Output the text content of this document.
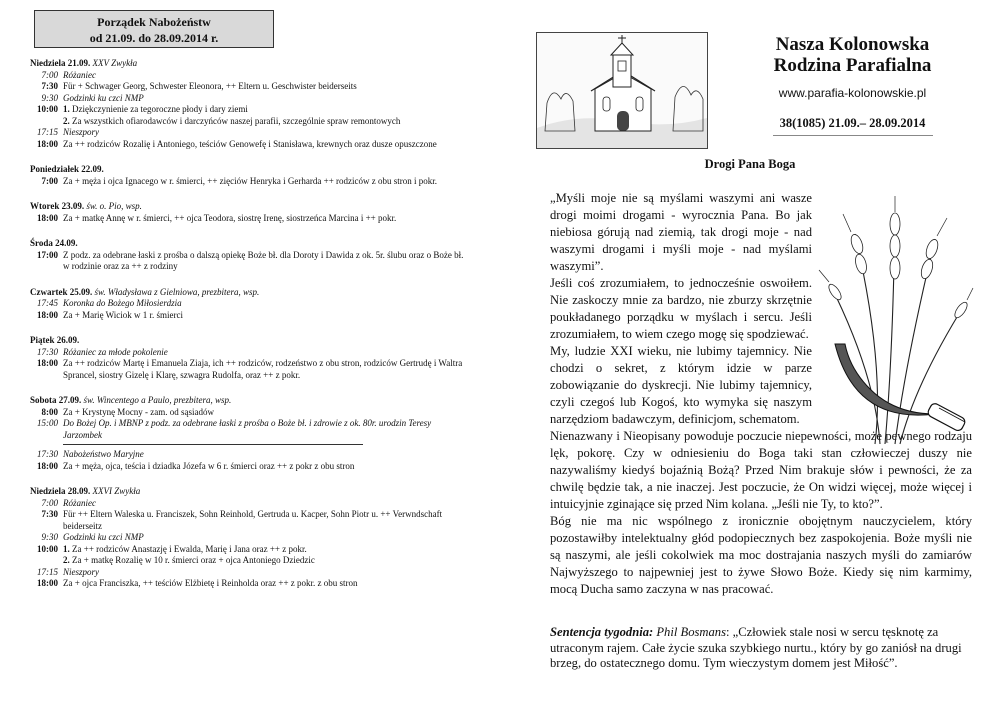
Porządek Nabożeństw
od 21.09. do 28.09.2014 r.
Niedziela 21.09. XXV Zwykła
7:00 Różaniec
7:30 Für + Schwager Georg, Schwester Eleonora, ++ Eltern u. Geschwister beiderseits
9:30 Godzinki ku czci NMP
10:00 1. Dziękczynienie za tegoroczne płody i dary ziemi
2. Za wszystkich ofiarodawców i darczyńców naszej parafii, szczególnie spraw remontowych
17:15 Nieszpory
18:00 Za ++ rodziców Rozalię i Antoniego, teściów Genowefę i Stanisława, krewnych oraz dusze opuszczone
Poniedziałek 22.09.
7:00 Za + męża i ojca Ignacego w r. śmierci, ++ zięciów Henryka i Gerharda ++ rodziców z obu stron i pokr.
Wtorek 23.09. św. o. Pio, wsp.
18:00 Za + matkę Annę w r. śmierci, ++ ojca Teodora, siostrę Irenę, siostrzeńca Marcina i ++ pokr.
Środa 24.09.
17:00 Z podz. za odebrane łaski z prośba o dalszą opiekę Boże bł. dla Doroty i Dawida z ok. 5r. ślubu oraz o Boże bł. w rodzinie oraz za ++ z rodziny
Czwartek 25.09. św. Władysława z Gielniowa, prezbitera, wsp.
17:45 Koronka do Bożego Miłosierdzia
18:00 Za + Marię Wiciok w 1 r. śmierci
Piątek 26.09.
17:30 Różaniec za młode pokolenie
18:00 Za ++ rodziców Martę i Emanuela Ziaja, ich ++ rodziców, rodzeństwo z obu stron, rodziców Gertrudę i Waltra Sprancel, siostry Gizelę i Klarę, szwagra Rudolfa, oraz ++ z pokr.
Sobota 27.09. św. Wincentego a Paulo, prezbitera, wsp.
8:00 Za + Krystynę Mocny - zam. od sąsiadów
15:00 Do Bożej Op. i MBNP z podz. za odebrane łaski z prośba o Boże bł. i zdrowie z ok. 80r. urodzin Teresy Jarzombek
17:30 Nabożeństwo Maryjne
18:00 Za + męża, ojca, teścia i dziadka Józefa w 6 r. śmierci oraz ++ z pokr z obu stron
Niedziela 28.09. XXVI Zwykła
7:00 Różaniec
7:30 Für ++ Eltern Waleska u. Franciszek, Sohn Reinhold, Gertruda u. Kacper, Sohn Piotr u. ++ Verwndschaft beiderseitz
9:30 Godzinki ku czci NMP
10:00 1. Za ++ rodziców Anastazję i Ewalda, Marię i Jana oraz ++ z pokr.
2. Za + matkę Rozalię w 10 r. śmierci oraz + ojca Antoniego Dziedzic
17:15 Nieszpory
18:00 Za + ojca Franciszka, ++ teściów Elżbietę i Reinholda oraz ++ z pokr. z obu stron
Nasza Kolonowska
Rodzina Parafialna
www.parafia-kolonowskie.pl
38(1085) 21.09.– 28.09.2014
Drogi Pana Boga

„Myśli moje nie są myślami waszymi ani wasze drogi moimi drogami - wyrocznia Pana. Bo jak niebiosa górują nad ziemią, tak drogi moje - nad waszymi drogami i myśli moje - nad myślami waszymi”.

Jeśli coś zrozumiałem, to jednocześnie oswoiłem. Nie zaskoczy mnie za bardzo, nie zburzy skrzętnie poukładanego porządku w myślach i sercu. Jeśli zrozumiałem, to wiem czego mogę się spodziewać.

My, ludzie XXI wieku, nie lubimy tajemnicy. Nie chodzi o sekret, z którym idzie w parze zobowiązanie do dyskrecji. Nie lubimy tajemnicy, czyli czegoś lub Kogoś, kto wymyka się naszym narzędziom badawczym, definicjom, schematom.

Nienazwany i Nieopisany powoduje poczucie niepewności, może pewnego rodzaju lęk, pokorę. Czy w odniesieniu do Boga taki stan człowieczej duszy nie nazywaliśmy kiedyś bojaźnią Bożą? Przed Nim brakuje słów i pewności, że za chwilę będzie tak, a nie inaczej. Jest poczucie, że On widzi więcej, może więcej i intuicyjnie zginające się przed Nim kolana. „Jeśli nie Ty, to kto?”.

Bóg nie ma nic wspólnego z ironicznie obojętnym nauczycielem, który pozostawiłby intelektualny głód podopiecznych bez zaspokojenia. Boże myśli nie są naszymi, ale jeśli cokolwiek ma moc dostrajania naszych myśli do zamiarów Najwyższego to najpewniej jest to żywe Słowo Boże. Kiedy się nim karmimy, mocą Ducha samo zaczyna w nas pracować.

Sentencja tygodnia: Phil Bosmans: „Człowiek stale nosi w sercu tęsknotę za utraconym rajem. Całe życie szuka szybkiego nurtu., który by go zaniósł na drugi brzeg, do ostatecznego domu. Tym wieczystym domem jest Miłość”.
